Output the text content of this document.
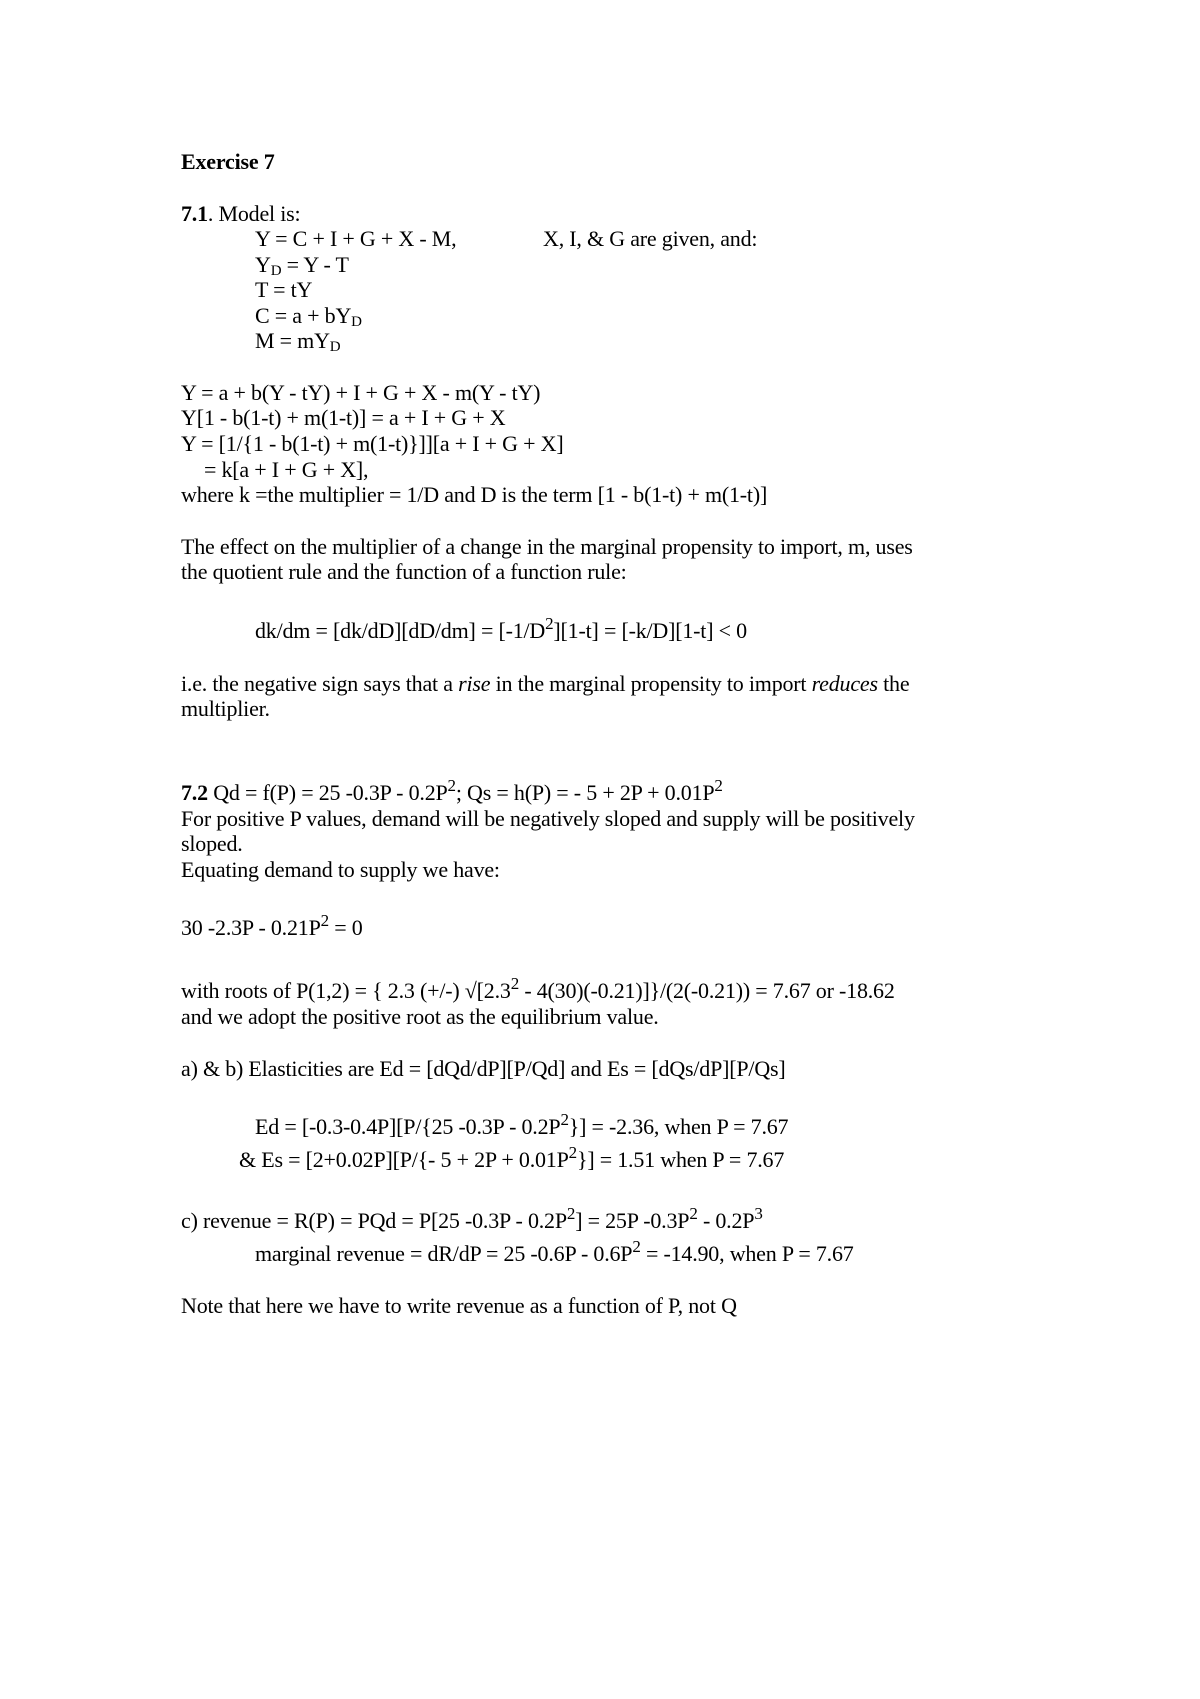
Exercise 7
7.1. Model is:
Y = C + I + G + X - M,	X, I, & G are given, and:
YD = Y - T
T = tY
C = a + bYD
M = mYD
Y = a + b(Y - tY) + I + G + X - m(Y - tY)
Y[1 - b(1-t) + m(1-t)] = a + I + G + X
Y = [1/{1 - b(1-t) + m(1-t)}]][a + I + G + X]
= k[a + I + G + X],
where k =the multiplier = 1/D and D is the term [1 - b(1-t) + m(1-t)]
The effect on the multiplier of a change in the marginal propensity to import, m, uses
the quotient rule and the function of a function rule:
$dk/dm = [dk/dD][dD/dm] = [-1/D^2][1-t] = [-k/D][1-t] < 0$
i.e. the negative sign says that a rise in the marginal propensity to import reduces the
multiplier.
7.2 Qd = f(P) = 25 $-0.3P - 0.2P^2$; Qs = h(P) = - $5 + 2P + 0.01P^2$
For positive P values, demand will be negatively sloped and supply will be positively
sloped.
Equating demand to supply we have:
30 $-2.3P - 0.21P^2 = 0$
with roots of P(1,2) = { 2.3 (+/-) $√[2.3^2 - 4(30)(-0.21)]\}/(2(-0.21)) = 7.67$ or -18.62
and we adopt the positive root as the equilibrium value.
a) & b) Elasticities are Ed = [dQd/dP][P/Qd] and Es = [dQs/dP][P/Qs]
Ed = [-0.3-0.4P][P/{25 $-0.3P - 0.2P^2\}] = -2.36$, when P = 7.67
& Es = [2+0.02P][P/{- $5 + 2P + 0.01P^2\}] = 1.51$ when P = 7.67
c) revenue = R(P) = PQd = P[25 $-0.3P - 0.2P^2] = 25P$ $-0.3P^2 - 0.2P^3$
marginal revenue = dR/dP = 25 $-0.6P - 0.6P^2 = -14.90$, when P = 7.67
Note that here we have to write revenue as a function of P, not Q
